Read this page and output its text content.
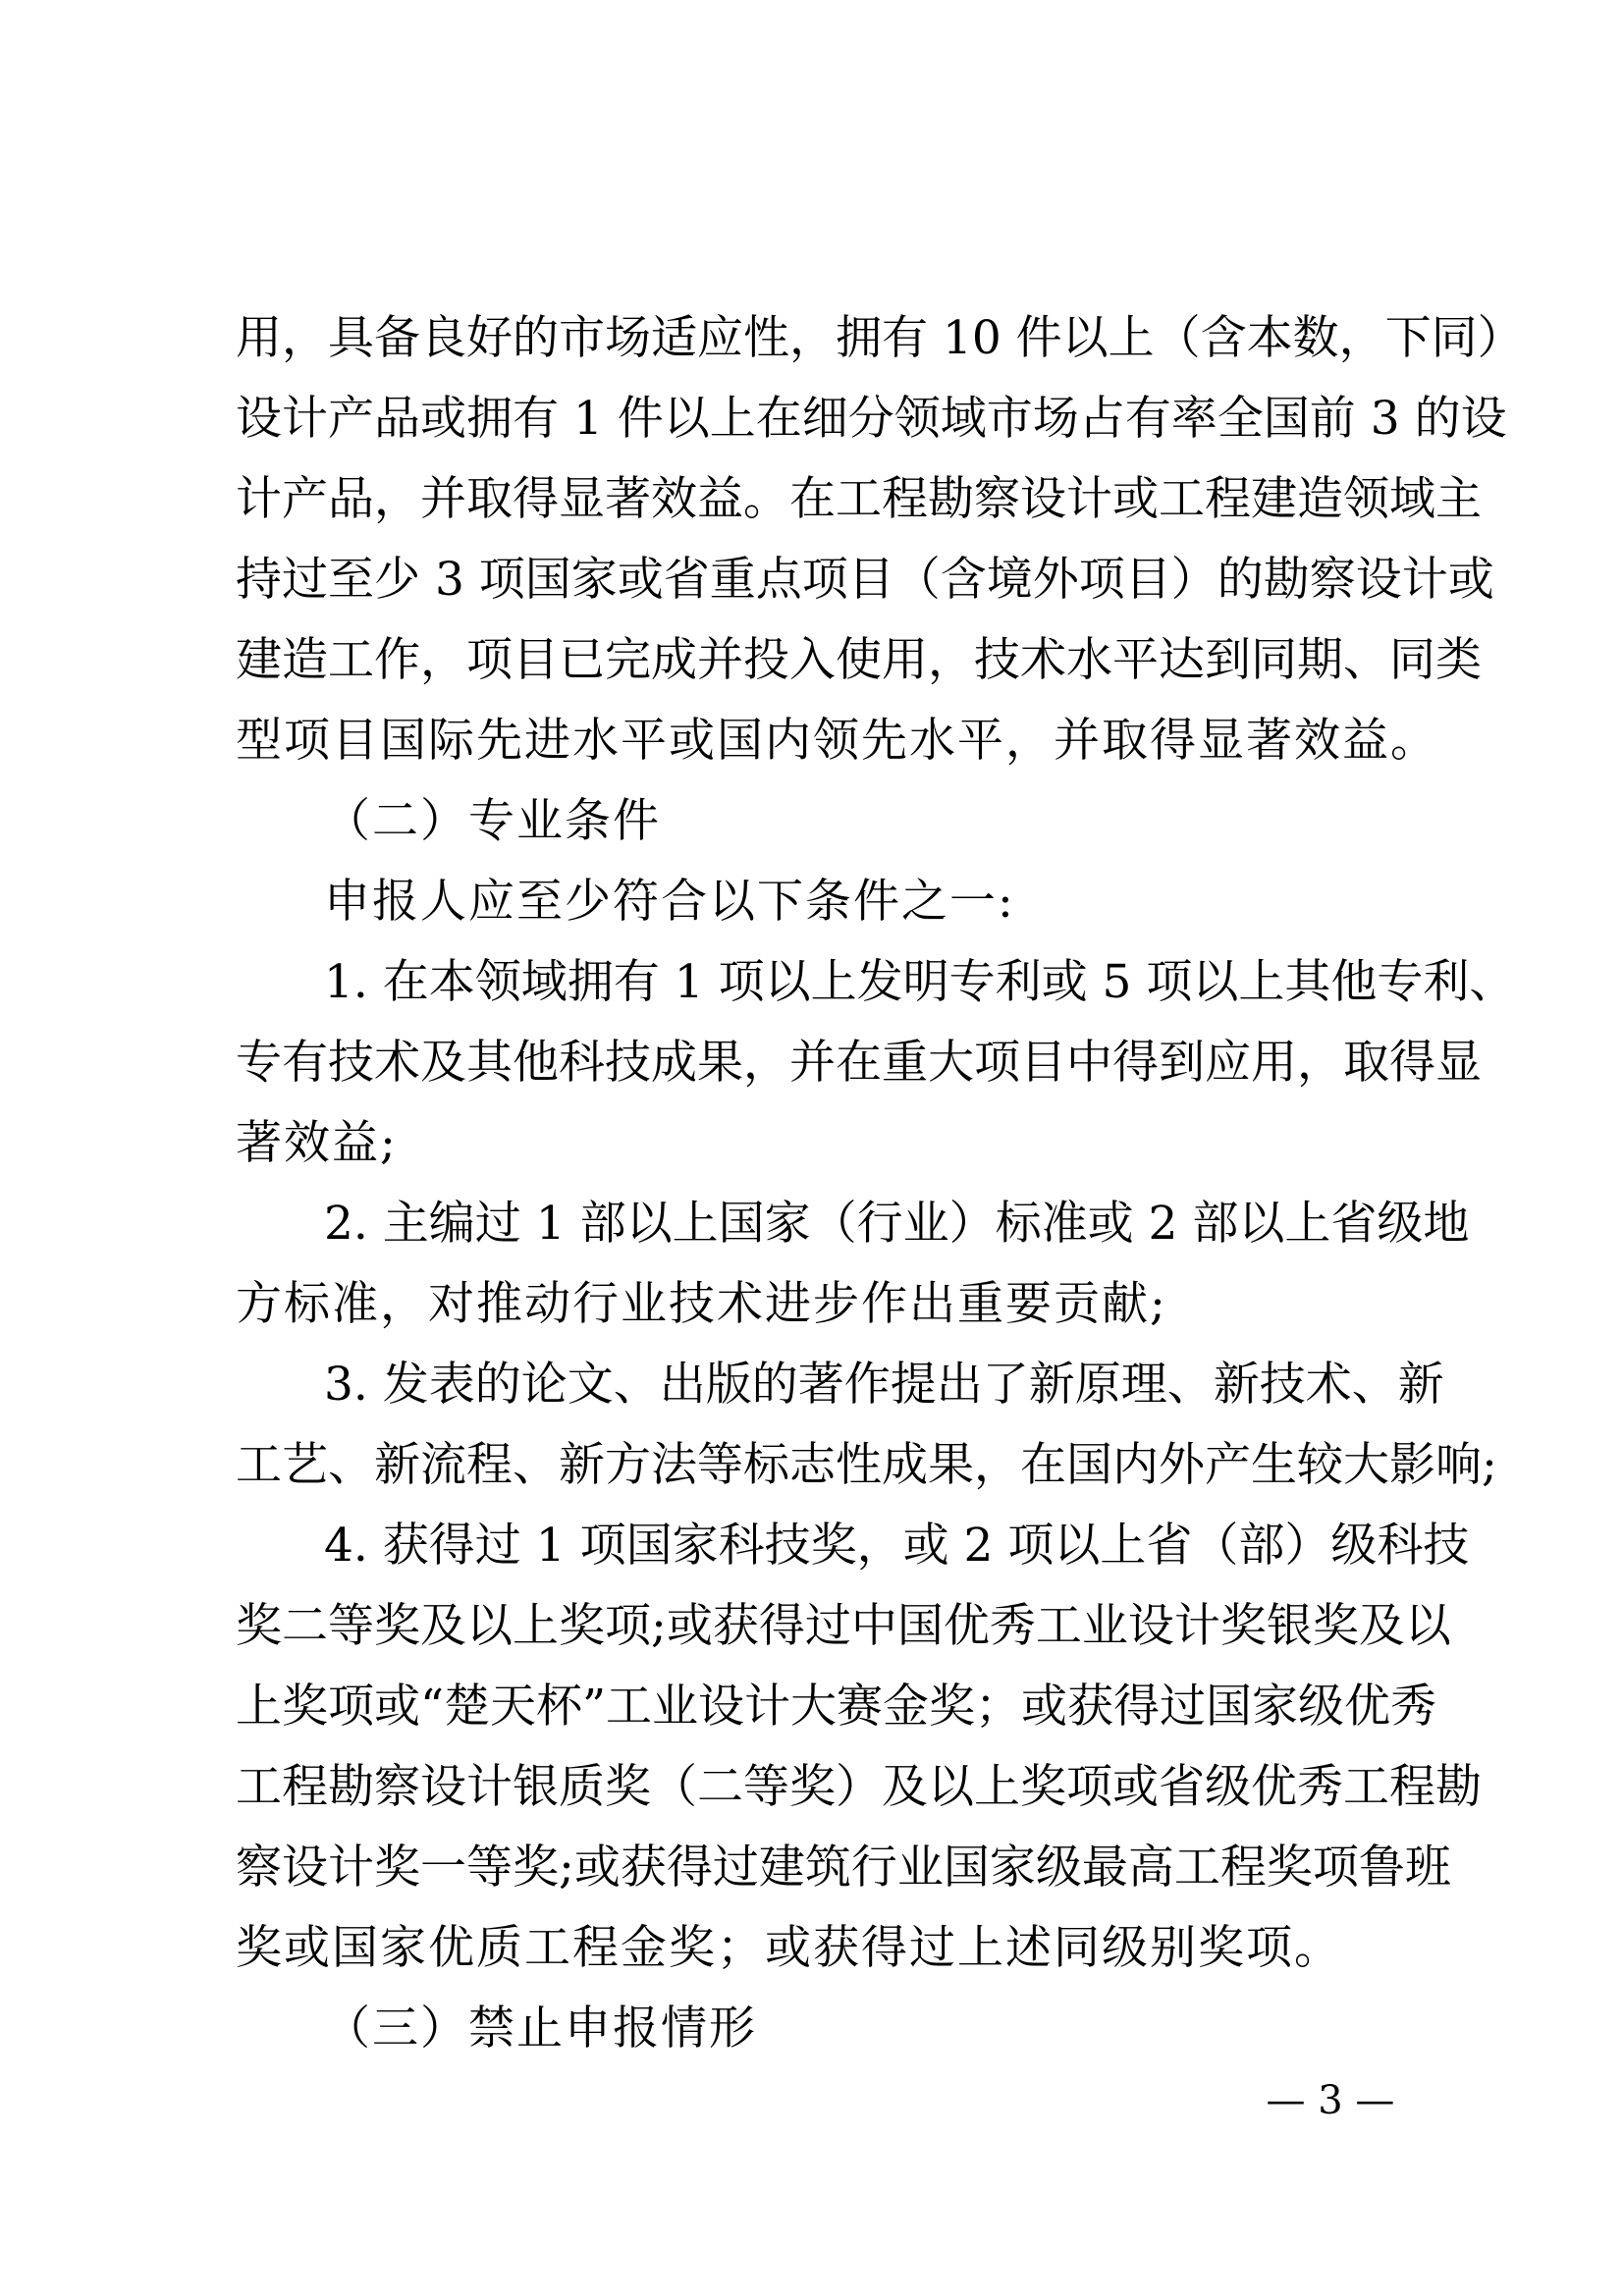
用，具备良好的市场适应性，拥有 10 件以上（含本数，下同）
设计产品或拥有 1 件以上在细分领域市场占有率全国前 3 的设
计产品，并取得显著效益。在工程勘察设计或工程建造领域主
持过至少 3 项国家或省重点项目（含境外项目）的勘察设计或
建造工作，项目已完成并投入使用，技术水平达到同期、同类
型项目国际先进水平或国内领先水平，并取得显著效益。
（二）专业条件
申报人应至少符合以下条件之一:
1. 在本领域拥有 1 项以上发明专利或 5 项以上其他专利、
专有技术及其他科技成果，并在重大项目中得到应用，取得显
著效益;
2. 主编过 1 部以上国家（行业）标准或 2 部以上省级地
方标准，对推动行业技术进步作出重要贡献;
3. 发表的论文、出版的著作提出了新原理、新技术、新
工艺、新流程、新方法等标志性成果，在国内外产生较大影响;
4. 获得过 1 项国家科技奖，或 2 项以上省（部）级科技
奖二等奖及以上奖项;或获得过中国优秀工业设计奖银奖及以
上奖项或“楚天杯”工业设计大赛金奖；或获得过国家级优秀
工程勘察设计银质奖（二等奖）及以上奖项或省级优秀工程勘
察设计奖一等奖;或获得过建筑行业国家级最高工程奖项鲁班
奖或国家优质工程金奖；或获得过上述同级别奖项。
（三）禁止申报情形
— 3 —
